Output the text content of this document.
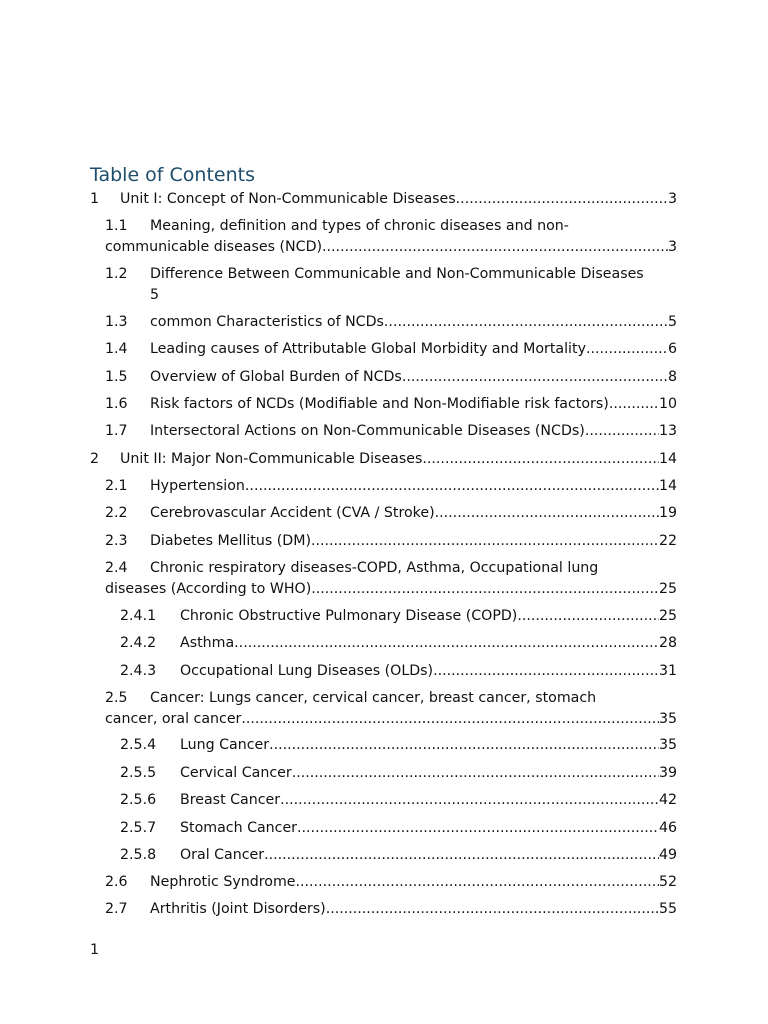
Table of Contents
1	Unit I: Concept of Non-Communicable Diseases .....	3
1.1 Meaning, definition and types of chronic diseases and non-
communicable diseases (NCD) .....	3
1.2 Difference Between Communicable and Non-Communicable Diseases
5
1.3	common Characteristics of NCDs .....	5
1.4	Leading causes of Attributable Global Morbidity and Mortality .....	6
1.5	Overview of Global Burden of NCDs .....	8
1.6	Risk factors of NCDs (Modifiable and Non-Modifiable risk factors) .....	10
1.7	Intersectoral Actions on Non-Communicable Diseases (NCDs) .....	13
2	Unit II: Major Non-Communicable Diseases .....	14
2.1	Hypertension .....	14
2.2	Cerebrovascular Accident (CVA / Stroke) .....	19
2.3	Diabetes Mellitus (DM) .....	22
2.4 Chronic respiratory diseases-COPD, Asthma, Occupational lung
diseases (According to WHO) .....	25
2.4.1	Chronic Obstructive Pulmonary Disease (COPD) .....	25
2.4.2	Asthma .....	28
2.4.3	Occupational Lung Diseases (OLDs) .....	31
2.5 Cancer: Lungs cancer, cervical cancer, breast cancer, stomach
cancer, oral cancer .....	35
2.5.4	Lung Cancer .....	35
2.5.5	Cervical Cancer .....	39
2.5.6	Breast Cancer .....	42
2.5.7	Stomach Cancer .....	46
2.5.8	Oral Cancer .....	49
2.6	Nephrotic Syndrome .....	52
2.7	Arthritis (Joint Disorders) .....	55
1
